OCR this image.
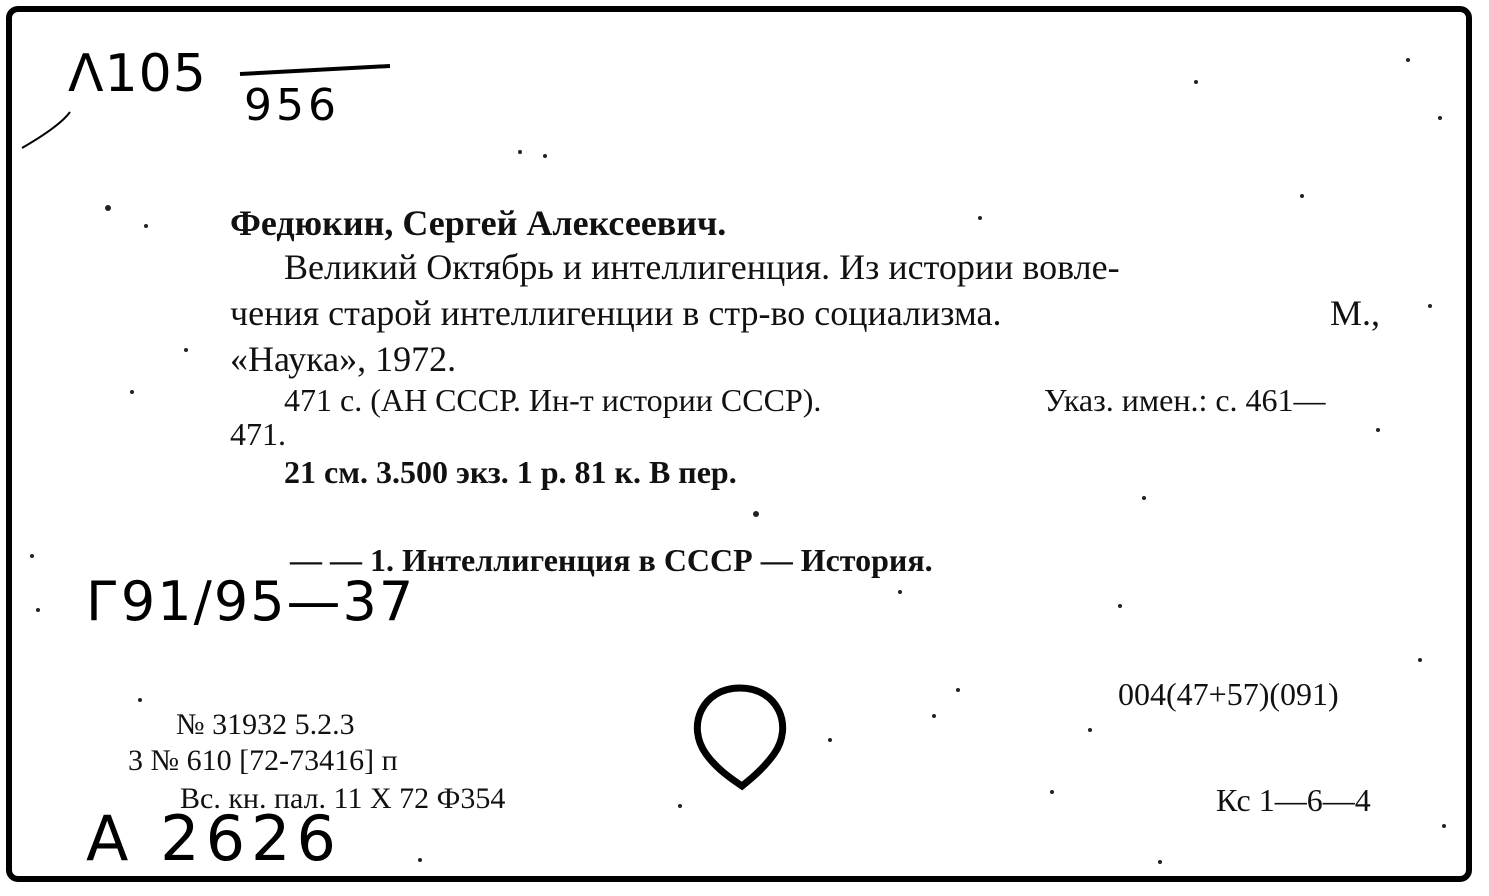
Λ105
956
Г91/95—37
А 2626
Федюкин, Сергей Алексеевич.
Великий Октябрь и интеллигенция. Из истории вовле-
чения старой интеллигенции в стр-во социализма.	М.,
«Наука», 1972.
471 с. (АН СССР. Ин-т истории СССР).	Указ. имен.: с. 461—
471.
21 см. 3.500 экз. 1 р. 81 к. В пер.
— — 1. Интеллигенция в СССР — История.
004(47+57)(091)
Кс 1—6—4
№ 31932 5.2.3
3 № 610 [72-73416] п
Вс. кн. пал. 11 Х 72 Ф354
